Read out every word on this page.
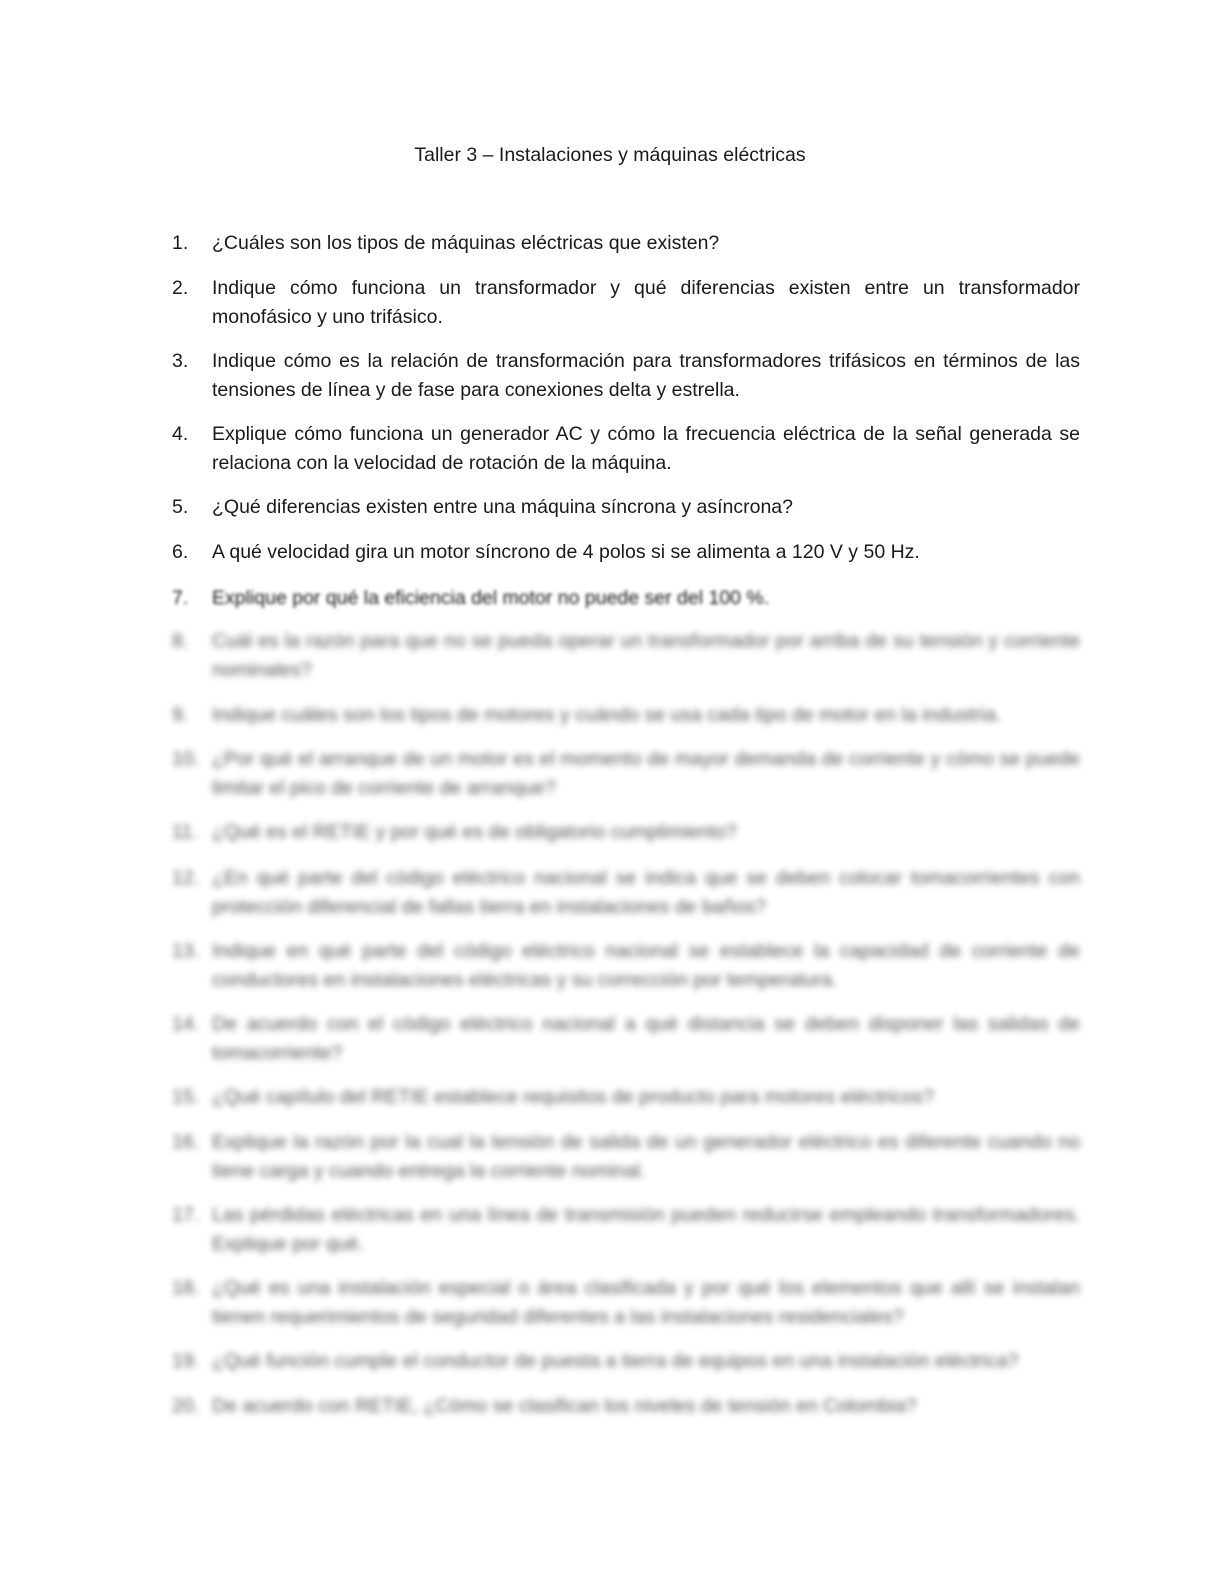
Taller 3 – Instalaciones y máquinas eléctricas
1.	¿Cuáles son los tipos de máquinas eléctricas que existen?
2.	Indique cómo funciona un transformador y qué diferencias existen entre un transformador monofásico y uno trifásico.
3.	Indique cómo es la relación de transformación para transformadores trifásicos en términos de las tensiones de línea y de fase para conexiones delta y estrella.
4.	Explique cómo funciona un generador AC y cómo la frecuencia eléctrica de la señal generada se relaciona con la velocidad de rotación de la máquina.
5.	¿Qué diferencias existen entre una máquina síncrona y asíncrona?
6.	A qué velocidad gira un motor síncrono de 4 polos si se alimenta a 120 V y 50 Hz.
7.	Explique por qué la eficiencia del motor no puede ser del 100 %.
8.	Cuál es la razón para que no se pueda operar un transformador por arriba de su tensión y corriente nominales?
9.	Indique cuáles son los tipos de motores y cuándo se usa cada tipo de motor en la industria.
10. ¿Por qué el arranque de un motor es el momento de mayor demanda de corriente y cómo se puede limitar el pico de corriente de arranque?
11. ¿Qué es el RETIE y por qué es de obligatorio cumplimiento?
12. ¿En qué parte del código eléctrico nacional se indica que se deben colocar tomacorrientes con protección diferencial de fallas tierra en instalaciones de baños?
13. Indique en qué parte del código eléctrico nacional se establece la capacidad de corriente de conductores en instalaciones eléctricas y su corrección por temperatura.
14. De acuerdo con el código eléctrico nacional a qué distancia se deben disponer las salidas de tomacorriente?
15. ¿Qué capítulo del RETIE establece requisitos de producto para motores eléctricos?
16. Explique la razón por la cual la tensión de salida de un generador eléctrico es diferente cuando no tiene carga y cuando entrega la corriente nominal.
17. Las pérdidas eléctricas en una línea de transmisión pueden reducirse empleando transformadores. Explique por qué.
18. ¿Qué es una instalación especial o área clasificada y por qué los elementos que allí se instalan tienen requerimientos de seguridad diferentes a las instalaciones residenciales?
19. ¿Qué función cumple el conductor de puesta a tierra de equipos en una instalación eléctrica?
20. De acuerdo con RETIE, ¿Cómo se clasifican los niveles de tensión en Colombia?
